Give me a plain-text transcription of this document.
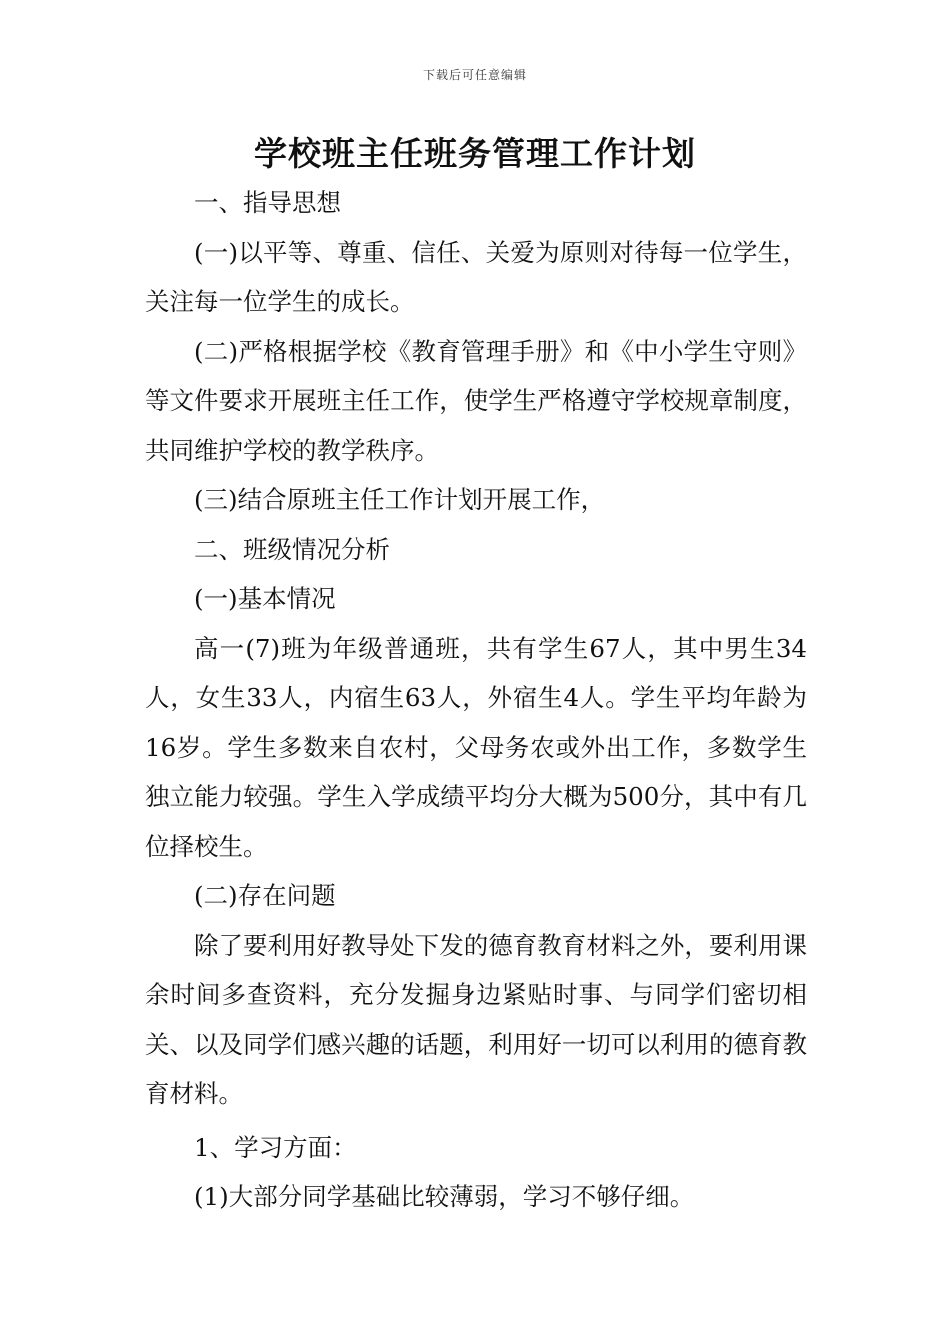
下载后可任意编辑
学校班主任班务管理工作计划

一、指导思想

(一)以平等、尊重、信任、关爱为原则对待每一位学生，关注每一位学生的成长。

(二)严格根据学校《教育管理手册》和《中小学生守则》等文件要求开展班主任工作，使学生严格遵守学校规章制度，共同维护学校的教学秩序。

(三)结合原班主任工作计划开展工作，

二、班级情况分析

(一)基本情况

高一(7)班为年级普通班，共有学生67人，其中男生34人，女生33人，内宿生63人，外宿生4人。学生平均年龄为16岁。学生多数来自农村，父母务农或外出工作，多数学生独立能力较强。学生入学成绩平均分大概为500分，其中有几位择校生。

(二)存在问题

除了要利用好教导处下发的德育教育材料之外，要利用课余时间多查资料，充分发掘身边紧贴时事、与同学们密切相关、以及同学们感兴趣的话题，利用好一切可以利用的德育教育材料。

1、学习方面：

(1)大部分同学基础比较薄弱，学习不够仔细。
